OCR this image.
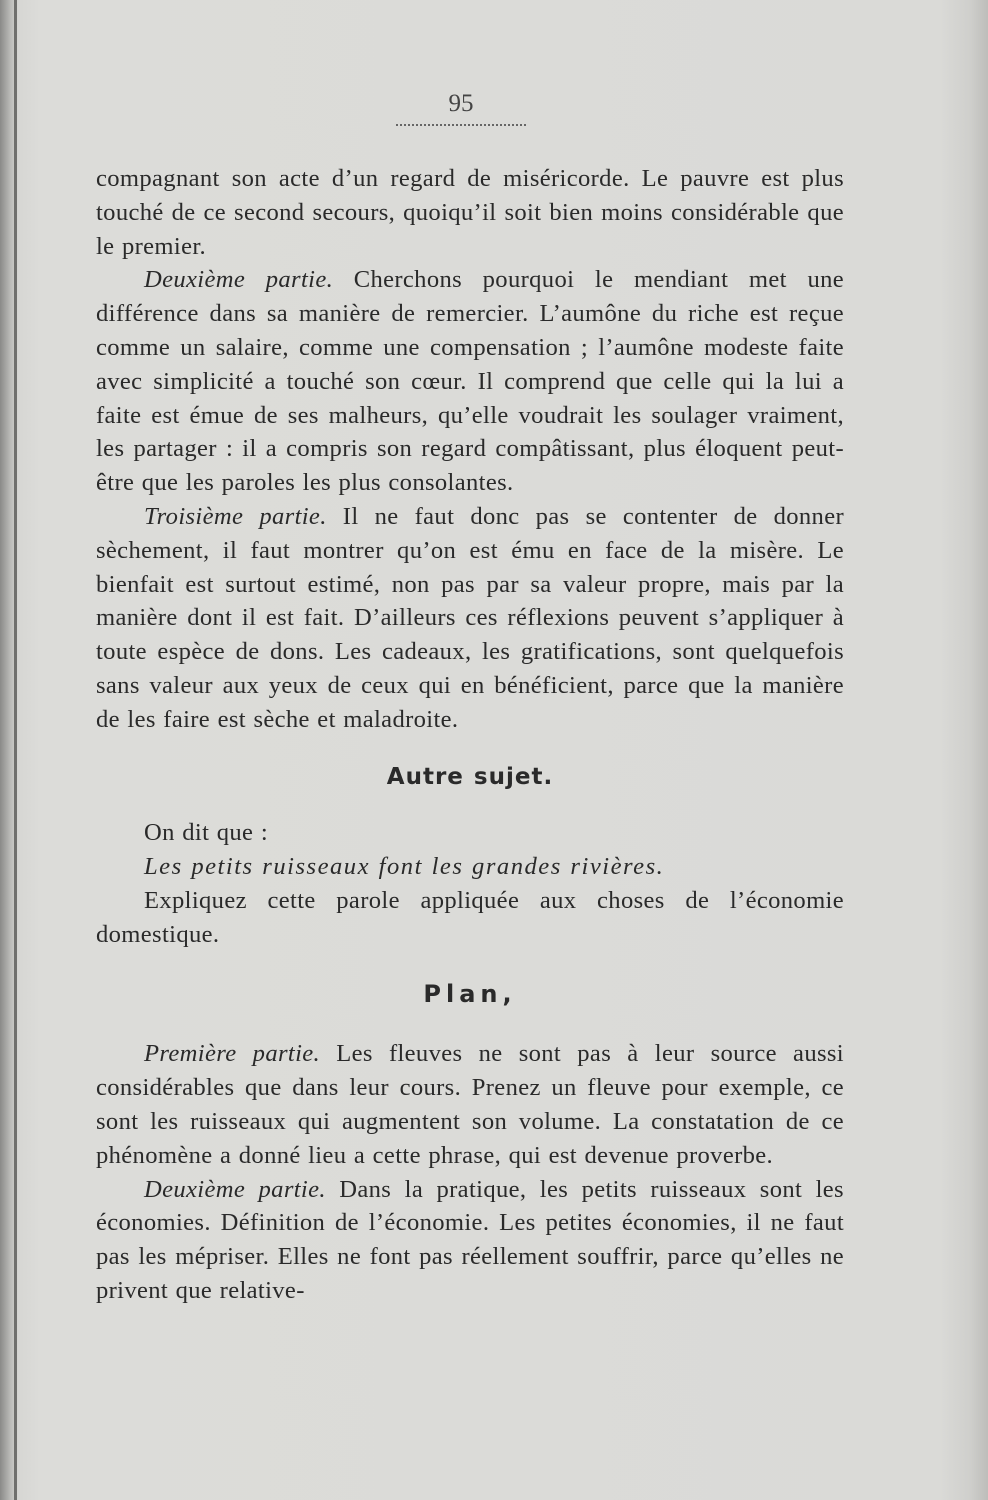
95

compagnant son acte d’un regard de miséricorde. Le pauvre est plus touché de ce second secours, quoiqu’il soit bien moins considérable que le premier.

Deuxième partie. Cherchons pourquoi le mendiant met une différence dans sa manière de remercier. L’aumône du riche est reçue comme un salaire, comme une compensation ; l’aumône modeste faite avec simplicité a touché son cœur. Il comprend que celle qui la lui a faite est émue de ses malheurs, qu’elle voudrait les soulager vraiment, les partager : il a compris son regard compâtissant, plus éloquent peut-être que les paroles les plus consolantes.

Troisième partie. Il ne faut donc pas se contenter de donner sèchement, il faut montrer qu’on est ému en face de la misère. Le bienfait est surtout estimé, non pas par sa valeur propre, mais par la manière dont il est fait. D’ailleurs ces réflexions peuvent s’appliquer à toute espèce de dons. Les cadeaux, les gratifications, sont quelquefois sans valeur aux yeux de ceux qui en bénéficient, parce que la manière de les faire est sèche et maladroite.

Autre sujet.

On dit que :

Les petits ruisseaux font les grandes rivières.

Expliquez cette parole appliquée aux choses de l’économie domestique.

Plan,

Première partie. Les fleuves ne sont pas à leur source aussi considérables que dans leur cours. Prenez un fleuve pour exemple, ce sont les ruisseaux qui augmentent son volume. La constatation de ce phénomène a donné lieu a cette phrase, qui est devenue proverbe.

Deuxième partie. Dans la pratique, les petits ruisseaux sont les économies. Définition de l’économie. Les petites économies, il ne faut pas les mépriser. Elles ne font pas réellement souffrir, parce qu’elles ne privent que relative-
